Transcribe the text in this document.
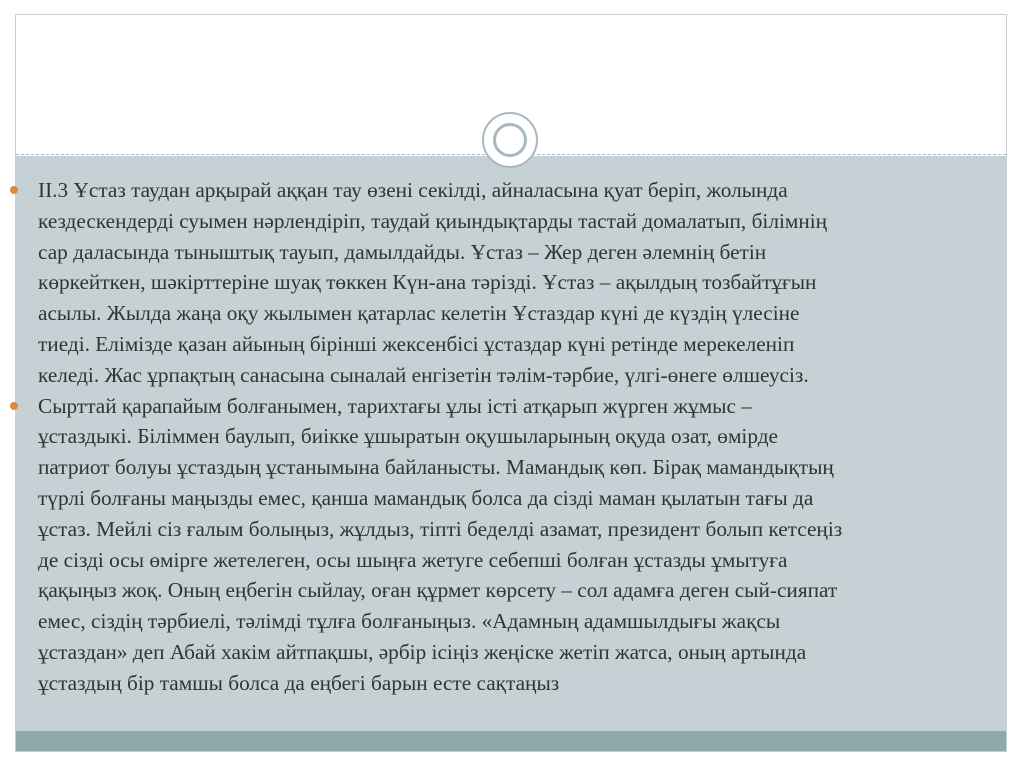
II.3 Ұстаз таудан арқырай аққан тау өзені секілді, айналасына қуат беріп, жолында
кездескендерді суымен нәрлендіріп, таудай қиындықтарды тастай домалатып, білімнің
сар даласында тыныштық тауып, дамылдайды. Ұстаз – Жер деген әлемнің бетін
көркейткен, шәкірттеріне шуақ төккен Күн-ана тәрізді. Ұстаз – ақылдың тозбайтұғын
асылы. Жылда жаңа оқу жылымен қатарлас келетін Ұстаздар күні де күздің үлесіне
тиеді. Елімізде қазан айының бірінші жексенбісі ұстаздар күні ретінде мерекеленіп
келеді. Жас ұрпақтың санасына сыналай енгізетін тәлім-тәрбие, үлгі-өнеге өлшеусіз.
Сырттай қарапайым болғанымен, тарихтағы ұлы істі атқарып жүрген жұмыс –
ұстаздыкі. Біліммен баулып, биікке ұшыратын оқушыларының оқуда озат, өмірде
патриот болуы ұстаздың ұстанымына байланысты. Мамандық көп. Бірақ мамандықтың
түрлі болғаны маңызды емес, қанша мамандық болса да сізді маман қылатын тағы да
ұстаз. Мейлі сіз ғалым болыңыз, жұлдыз, тіпті беделді азамат, президент болып кетсеңіз
де сізді осы өмірге жетелеген, осы шыңға жетуге себепші болған ұстазды ұмытуға
қақыңыз жоқ. Оның еңбегін сыйлау, оған құрмет көрсету – сол адамға деген сый-сияпат
емес, сіздің тәрбиелі, тәлімді тұлға болғаныңыз. «Адамның адамшылдығы жақсы
ұстаздан» деп Абай хакім айтпақшы, әрбір ісіңіз жеңіске жетіп жатса, оның артында
ұстаздың бір тамшы болса да еңбегі барын есте сақтаңыз
